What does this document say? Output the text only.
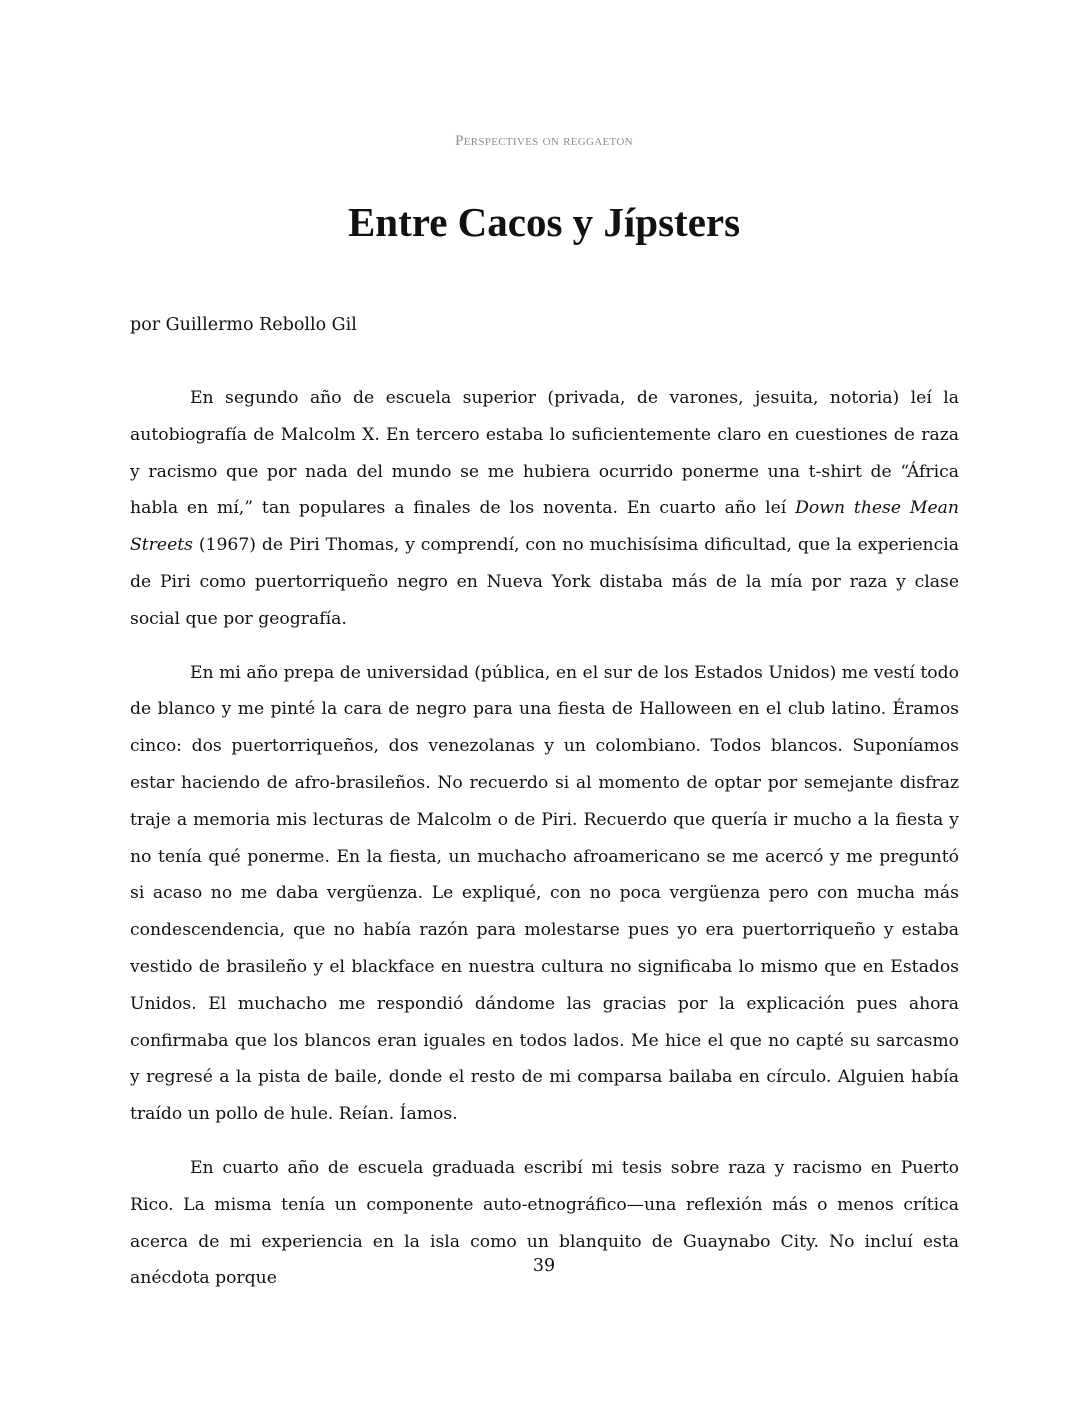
Perspectives on reggaeton
Entre Cacos y Jípsters
por Guillermo Rebollo Gil

En segundo año de escuela superior (privada, de varones, jesuita, notoria) leí la autobiografía de Malcolm X. En tercero estaba lo suficientemente claro en cuestiones de raza y racismo que por nada del mundo se me hubiera ocurrido ponerme una t-shirt de “África habla en mí,” tan populares a finales de los noventa. En cuarto año leí Down these Mean Streets (1967) de Piri Thomas, y comprendí, con no muchisísima dificultad, que la experiencia de Piri como puertorriqueño negro en Nueva York distaba más de la mía por raza y clase social que por geografía.

En mi año prepa de universidad (pública, en el sur de los Estados Unidos) me vestí todo de blanco y me pinté la cara de negro para una fiesta de Halloween en el club latino. Éramos cinco: dos puertorriqueños, dos venezolanas y un colombiano. Todos blancos. Suponíamos estar haciendo de afro-brasileños. No recuerdo si al momento de optar por semejante disfraz traje a memoria mis lecturas de Malcolm o de Piri. Recuerdo que quería ir mucho a la fiesta y no tenía qué ponerme. En la fiesta, un muchacho afroamericano se me acercó y me preguntó si acaso no me daba vergüenza. Le expliqué, con no poca vergüenza pero con mucha más condescendencia, que no había razón para molestarse pues yo era puertorriqueño y estaba vestido de brasileño y el blackface en nuestra cultura no significaba lo mismo que en Estados Unidos. El muchacho me respondió dándome las gracias por la explicación pues ahora confirmaba que los blancos eran iguales en todos lados. Me hice el que no capté su sarcasmo y regresé a la pista de baile, donde el resto de mi comparsa bailaba en círculo. Alguien había traído un pollo de hule. Reían. Íamos.

En cuarto año de escuela graduada escribí mi tesis sobre raza y racismo en Puerto Rico. La misma tenía un componente auto-etnográfico—una reflexión más o menos crítica acerca de mi experiencia en la isla como un blanquito de Guaynabo City. No incluí esta anécdota porque

39
